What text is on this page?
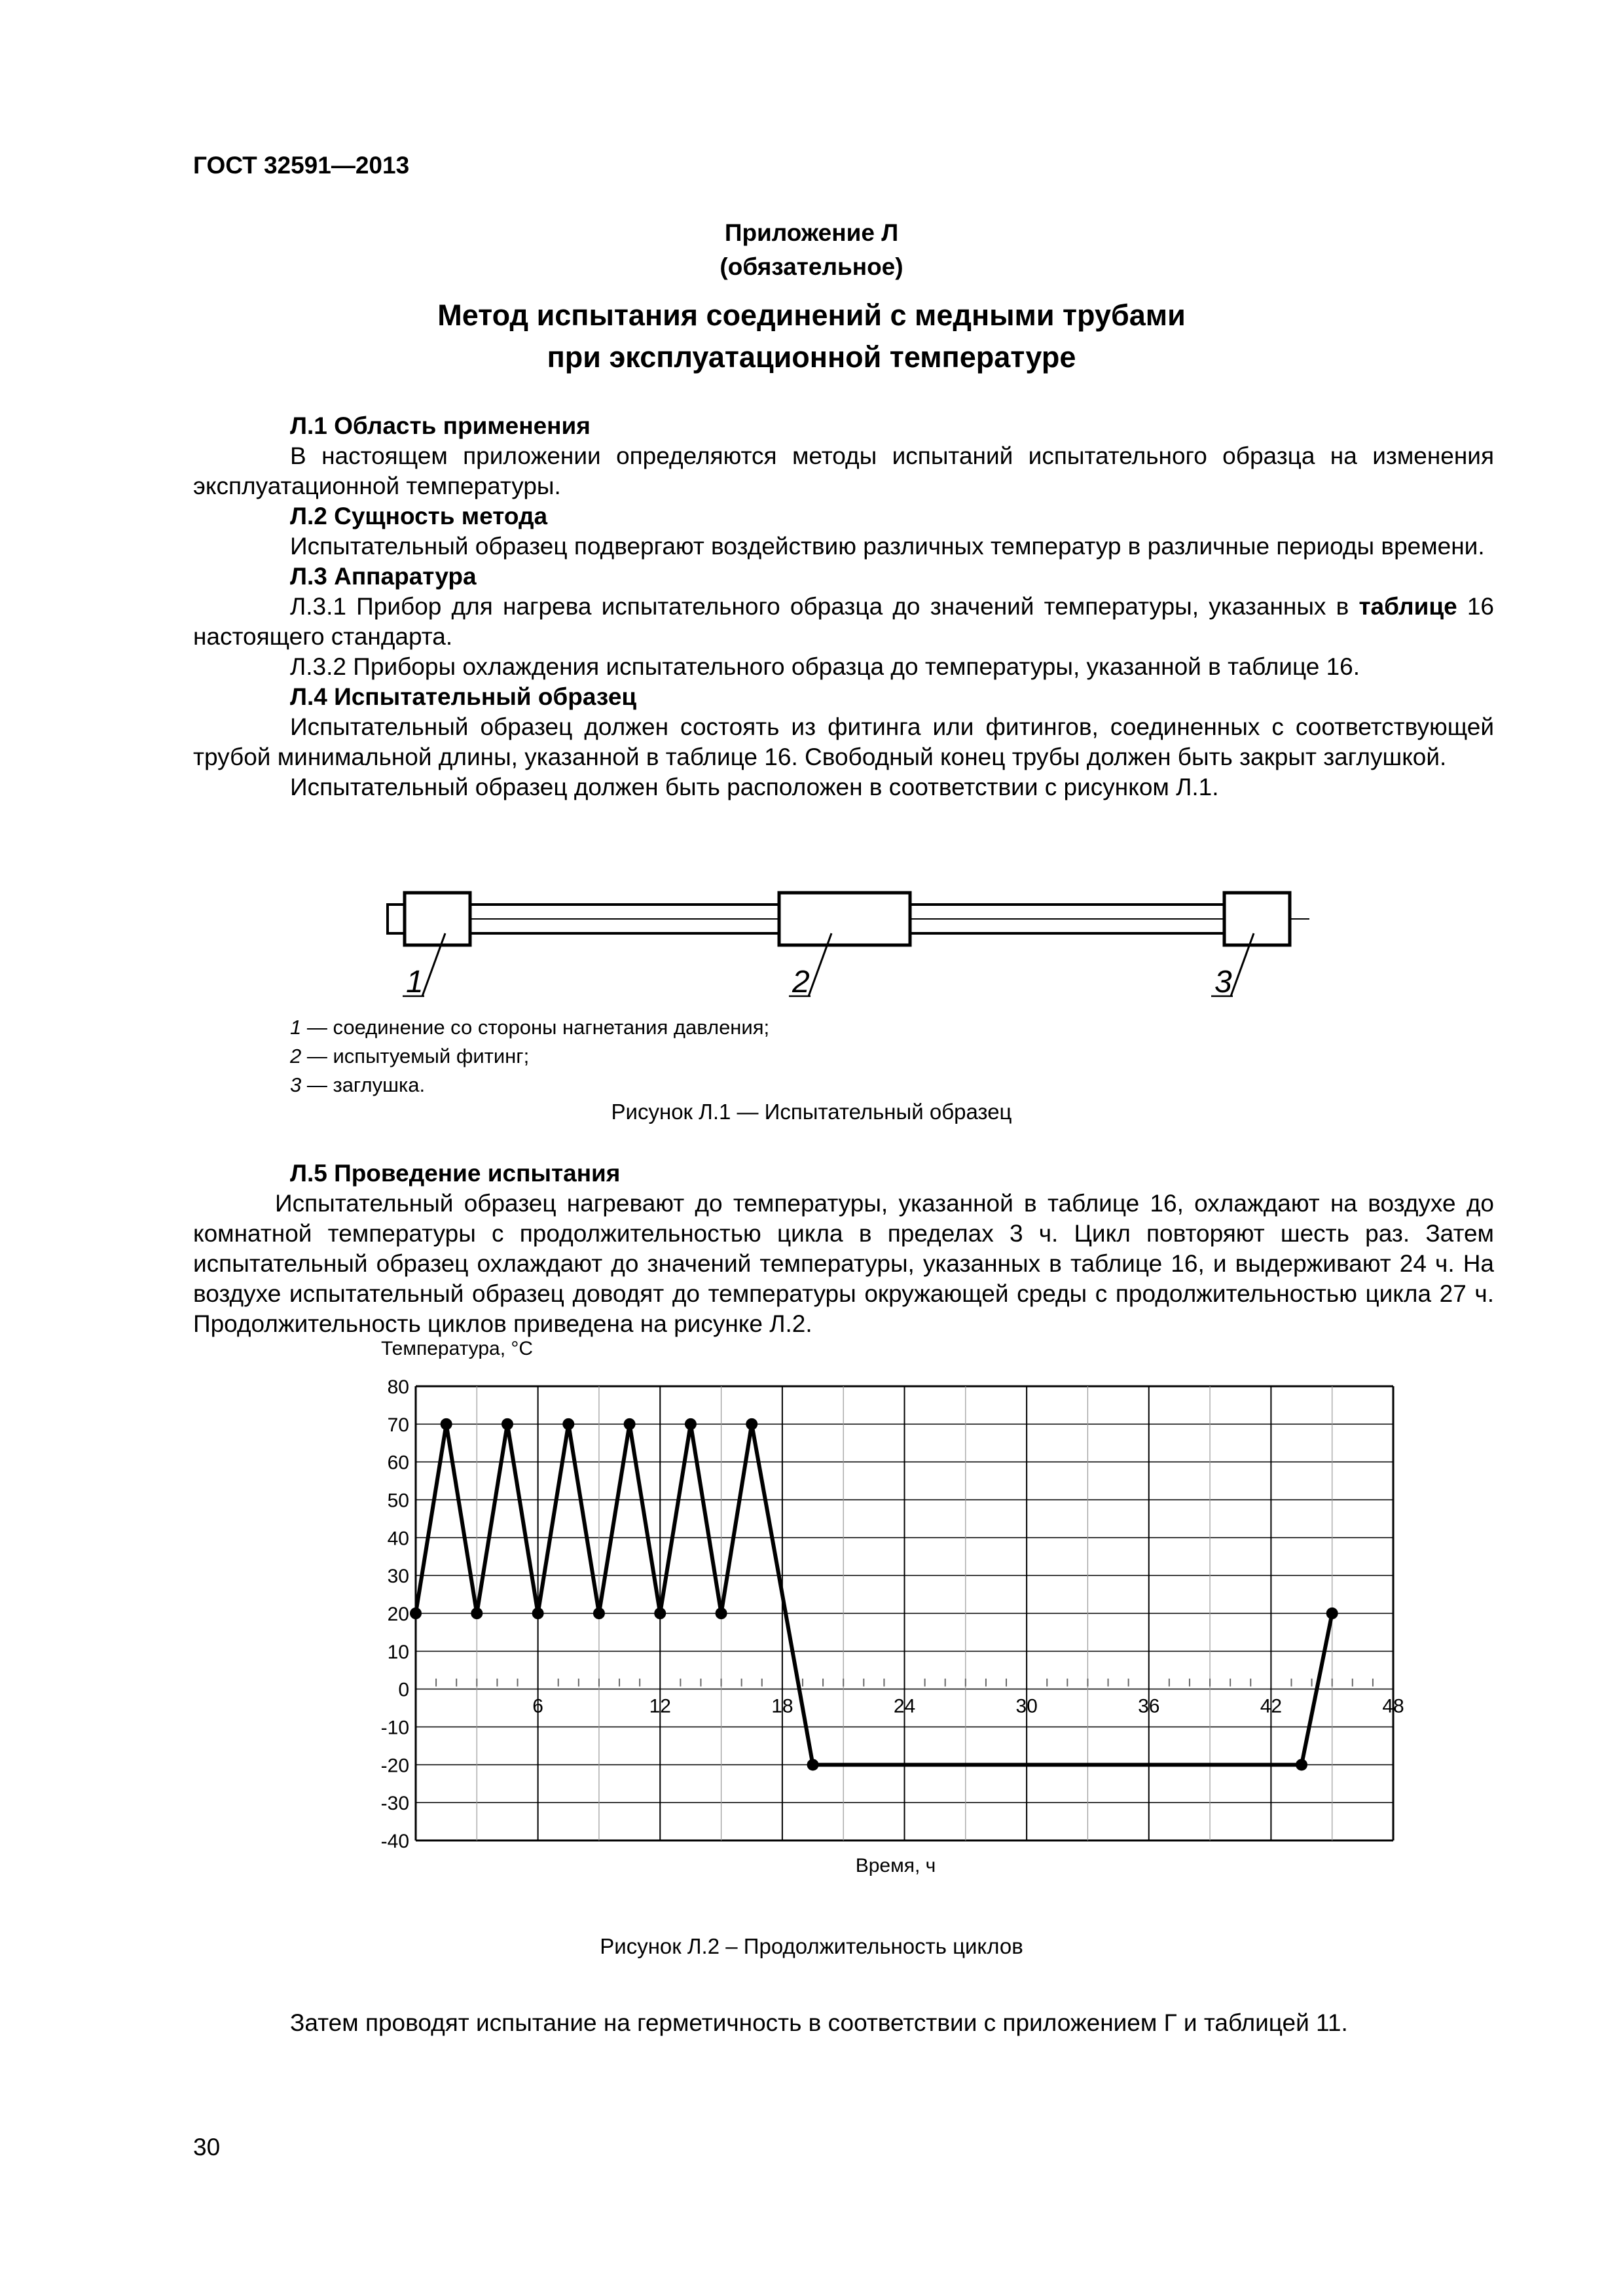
ГОСТ 32591—2013
Приложение Л
(обязательное)
Метод испытания соединений с медными трубами
при эксплуатационной температуре

Л.1 Область применения

В настоящем приложении определяются методы испытаний испытательного образца на изменения эксплуатационной температуры.

Л.2 Сущность метода

Испытательный образец подвергают воздействию различных температур в различные периоды времени.

Л.3 Аппаратура

Л.3.1 Прибор для нагрева испытательного образца до значений температуры, указанных в таблице 16 настоящего стандарта.

Л.3.2 Приборы охлаждения испытательного образца до температуры, указанной в таблице 16.

Л.4 Испытательный образец

Испытательный образец должен состоять из фитинга или фитингов, соединенных с соответствующей трубой минимальной длины, указанной в таблице 16. Свободный конец трубы должен быть закрыт заглушкой.

Испытательный образец должен быть расположен в соответствии с рисунком Л.1.

1	2	3
1 — соединение со стороны нагнетания давления;
2 — испытуемый фитинг;
3 — заглушка.
Рисунок Л.1 — Испытательный образец

Л.5 Проведение испытания

Испытательный образец нагревают до температуры, указанной в таблице 16, охлаждают на воздухе до комнатной температуры с продолжительностью цикла в пределах 3 ч. Цикл повторяют шесть раз. Затем испытательный образец охлаждают до значений температуры, указанных в таблице 16, и выдерживают 24 ч. На воздухе испытательный образец доводят до температуры окружающей среды с продолжительностью цикла 27 ч. Продолжительность циклов приведена на рисунке Л.2.

80
70
60
50
40
30
20
10
0
-10
-20
-30
-40
6	12	18	24	30	36	42	48
Температура, °C
Время, ч
Рисунок Л.2 – Продолжительность циклов
Затем проводят испытание на герметичность в соответствии с приложением Г и таблицей 11.
30
